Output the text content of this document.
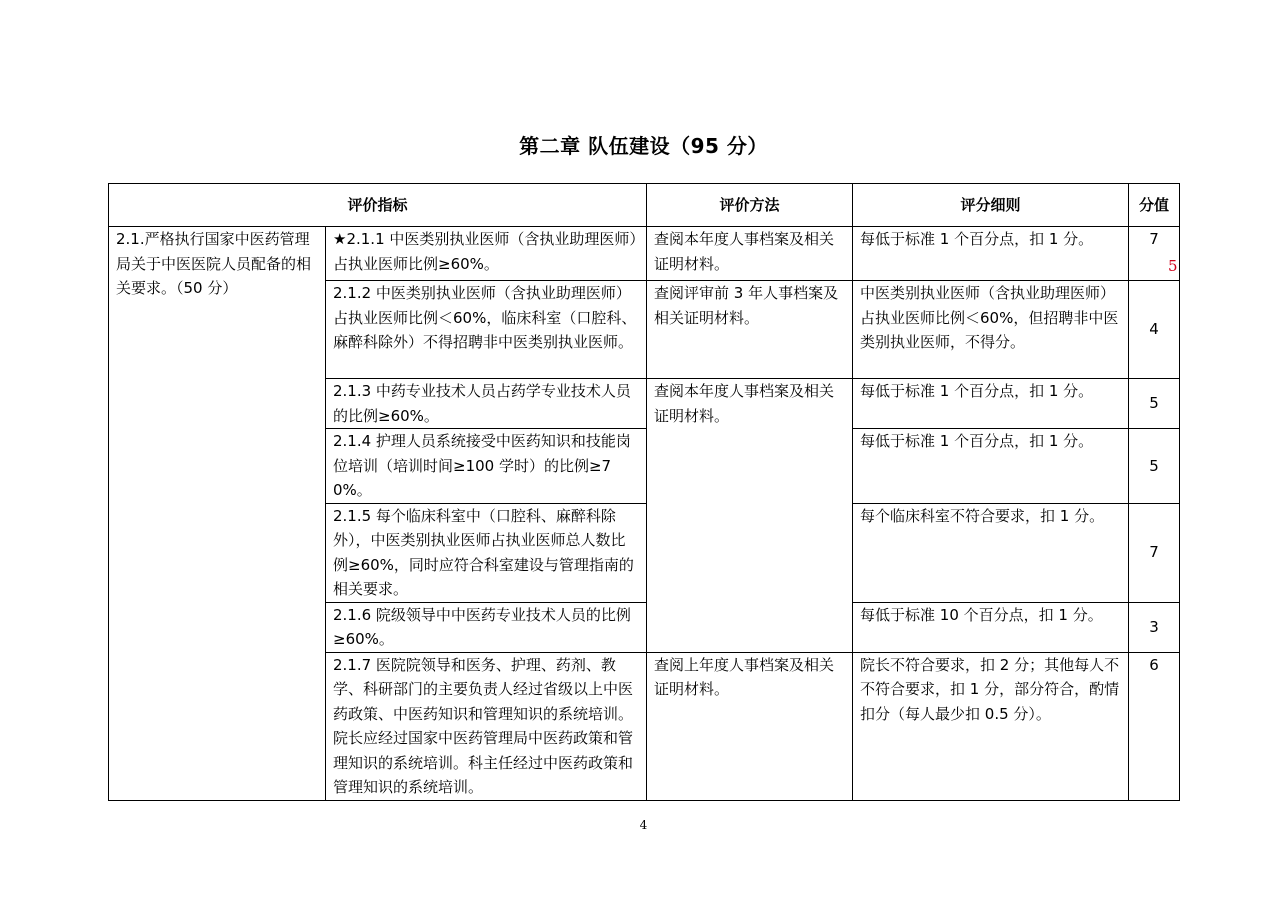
第二章 队伍建设（95 分）
评价指标		评价方法	评分细则	分值
2.1.严格执行国家中医药管理局关于中医医院人员配备的相关要求。（50 分）	★2.1.1 中医类别执业医师（含执业助理医师）占执业医师比例≥60%。	查阅本年度人事档案及相关证明材料。	每低于标准 1 个百分点，扣 1 分。	7
	2.1.2 中医类别执业医师（含执业助理医师）占执业医师比例＜60%，临床科室（口腔科、麻醉科除外）不得招聘非中医类别执业医师。	查阅评审前 3 年人事档案及相关证明材料。	中医类别执业医师（含执业助理医师）占执业医师比例＜60%，但招聘非中医类别执业医师，不得分。	4
	2.1.3 中药专业技术人员占药学专业技术人员的比例≥60%。	查阅本年度人事档案及相关证明材料。	每低于标准 1 个百分点，扣 1 分。	5
	2.1.4 护理人员系统接受中医药知识和技能岗位培训（培训时间≥100 学时）的比例≥70%。		每低于标准 1 个百分点，扣 1 分。	5
	2.1.5 每个临床科室中（口腔科、麻醉科除外），中医类别执业医师占执业医师总人数比例≥60%，同时应符合科室建设与管理指南的相关要求。		每个临床科室不符合要求，扣 1 分。	7
	2.1.6 院级领导中中医药专业技术人员的比例≥60%。		每低于标准 10 个百分点，扣 1 分。	3
	2.1.7 医院院领导和医务、护理、药剂、教学、科研部门的主要负责人经过省级以上中医药政策、中医药知识和管理知识的系统培训。院长应经过国家中医药管理局中医药政策和管理知识的系统培训。科主任经过中医药政策和管理知识的系统培训。	查阅上年度人事档案及相关证明材料。	院长不符合要求，扣 2 分；其他每人不不符合要求，扣 1 分，部分符合，酌情扣分（每人最少扣 0.5 分）。	6
5
4
